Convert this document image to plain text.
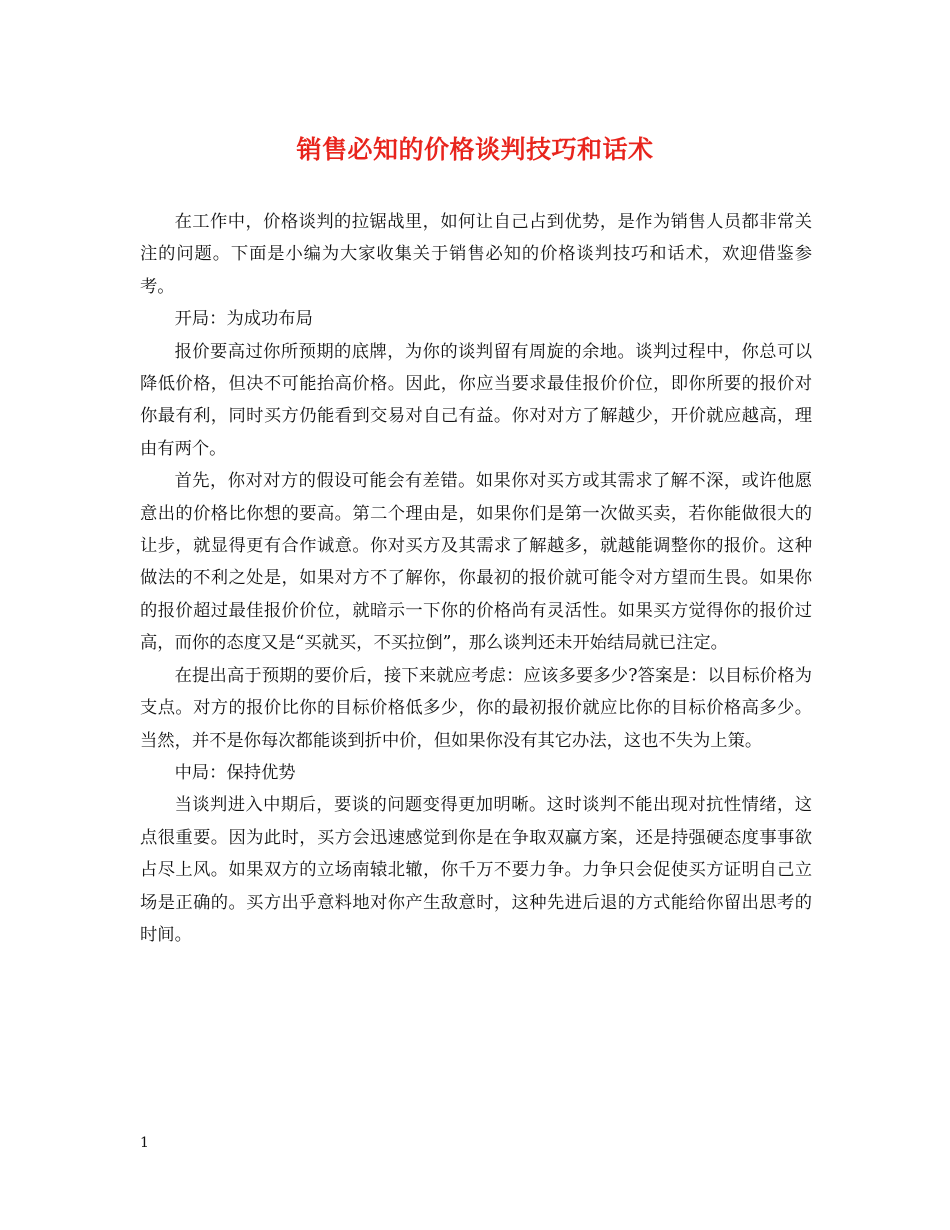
销售必知的价格谈判技巧和话术

在工作中，价格谈判的拉锯战里，如何让自己占到优势，是作为销售人员都非常关注的问题。下面是小编为大家收集关于销售必知的价格谈判技巧和话术，欢迎借鉴参考。

开局：为成功布局

报价要高过你所预期的底牌，为你的谈判留有周旋的余地。谈判过程中，你总可以降低价格，但决不可能抬高价格。因此，你应当要求最佳报价价位，即你所要的报价对你最有利，同时买方仍能看到交易对自己有益。你对对方了解越少，开价就应越高，理由有两个。

首先，你对对方的假设可能会有差错。如果你对买方或其需求了解不深，或许他愿意出的价格比你想的要高。第二个理由是，如果你们是第一次做买卖，若你能做很大的让步，就显得更有合作诚意。你对买方及其需求了解越多，就越能调整你的报价。这种做法的不利之处是，如果对方不了解你，你最初的报价就可能令对方望而生畏。如果你的报价超过最佳报价价位，就暗示一下你的价格尚有灵活性。如果买方觉得你的报价过高，而你的态度又是“买就买，不买拉倒”，那么谈判还未开始结局就已注定。

在提出高于预期的要价后，接下来就应考虑：应该多要多少?答案是：以目标价格为支点。对方的报价比你的目标价格低多少，你的最初报价就应比你的目标价格高多少。当然，并不是你每次都能谈到折中价，但如果你没有其它办法，这也不失为上策。

中局：保持优势

当谈判进入中期后，要谈的问题变得更加明晰。这时谈判不能出现对抗性情绪，这点很重要。因为此时，买方会迅速感觉到你是在争取双赢方案，还是持强硬态度事事欲占尽上风。如果双方的立场南辕北辙，你千万不要力争。力争只会促使买方证明自己立场是正确的。买方出乎意料地对你产生敌意时，这种先进后退的方式能给你留出思考的时间。

1
